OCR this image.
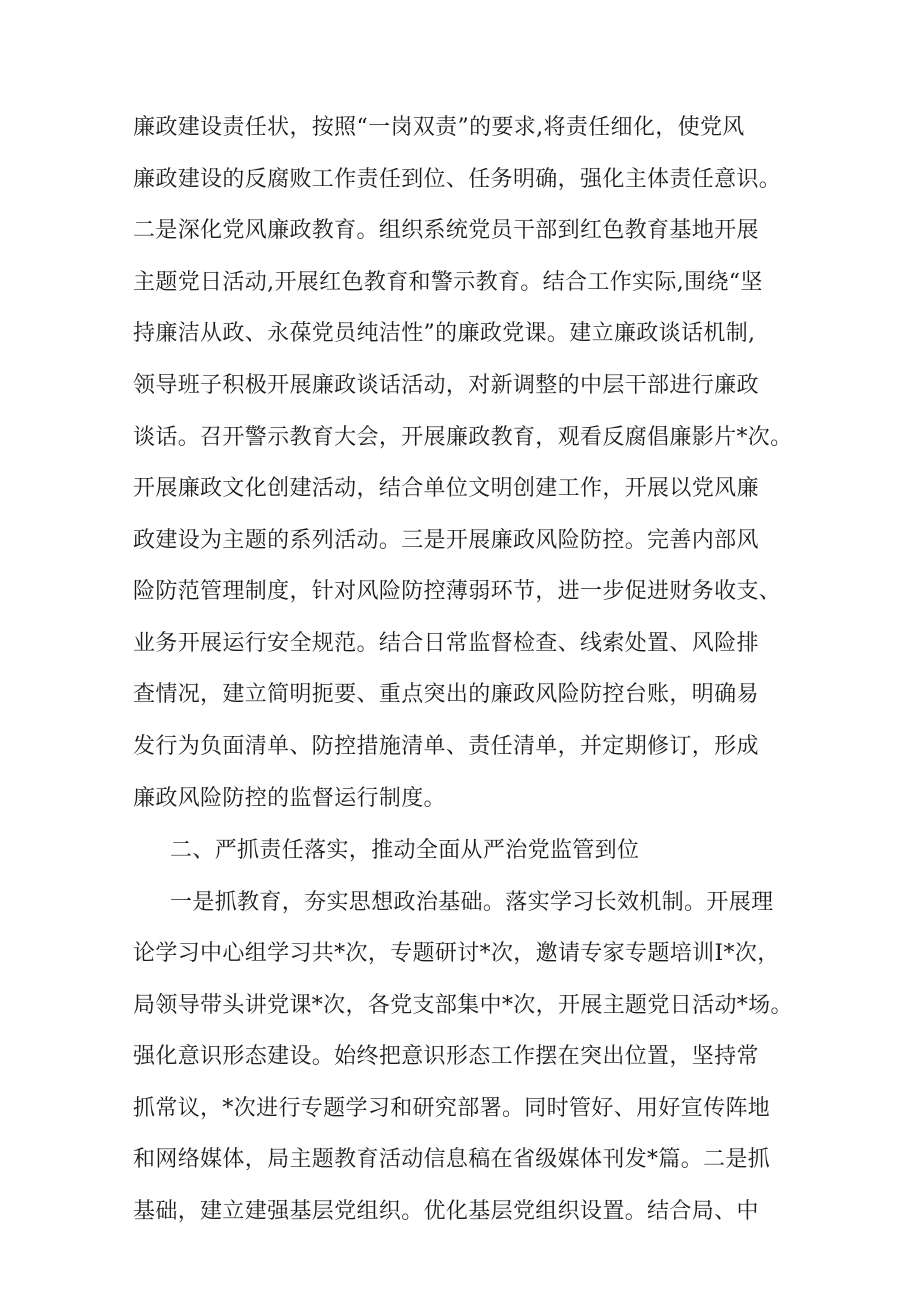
廉政建设责任状，按照“一岗双责”的要求,将责任细化，使党风
廉政建设的反腐败工作责任到位、任务明确，强化主体责任意识。
二是深化党风廉政教育。组织系统党员干部到红色教育基地开展
主题党日活动,开展红色教育和警示教育。结合工作实际,围绕“坚
持廉洁从政、永葆党员纯洁性”的廉政党课。建立廉政谈话机制,
领导班子积极开展廉政谈话活动，对新调整的中层干部进行廉政
谈话。召开警示教育大会，开展廉政教育，观看反腐倡廉影片*次。
开展廉政文化创建活动，结合单位文明创建工作，开展以党风廉
政建设为主题的系列活动。三是开展廉政风险防控。完善内部风
险防范管理制度，针对风险防控薄弱环节，进一步促进财务收支、
业务开展运行安全规范。结合日常监督检查、线索处置、风险排
查情况，建立简明扼要、重点突出的廉政风险防控台账，明确易
发行为负面清单、防控措施清单、责任清单，并定期修订，形成
廉政风险防控的监督运行制度。
二、严抓责任落实，推动全面从严治党监管到位
一是抓教育，夯实思想政治基础。落实学习长效机制。开展理
论学习中心组学习共*次，专题研讨*次，邀请专家专题培训I*次，
局领导带头讲党课*次，各党支部集中*次，开展主题党日活动*场。
强化意识形态建设。始终把意识形态工作摆在突出位置，坚持常
抓常议，*次进行专题学习和研究部署。同时管好、用好宣传阵地
和网络媒体，局主题教育活动信息稿在省级媒体刊发*篇。二是抓
基础，建立建强基层党组织。优化基层党组织设置。结合局、中
